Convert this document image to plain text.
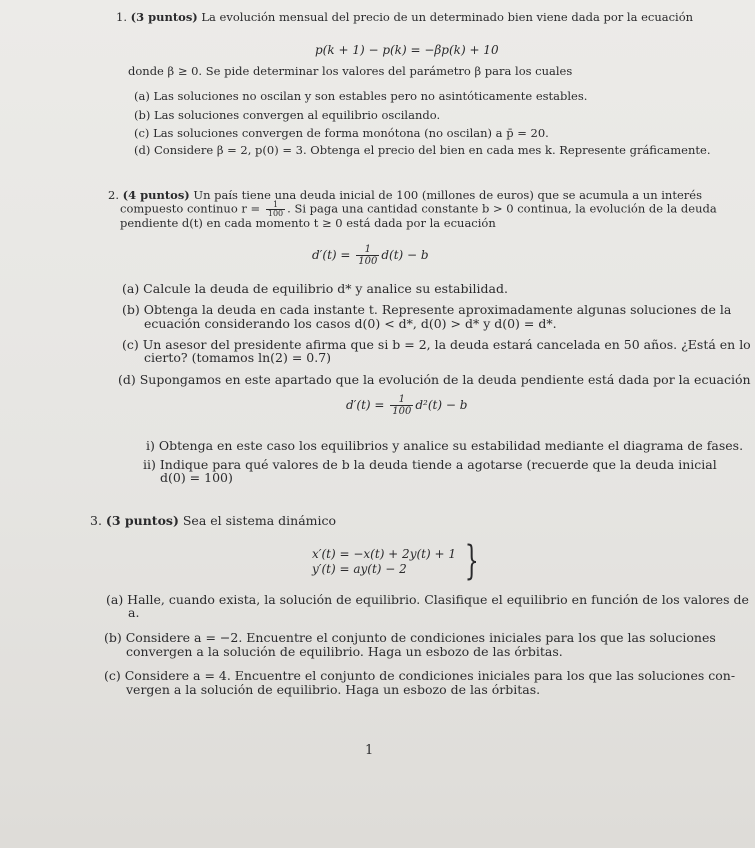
1. (3 puntos) La evolución mensual del precio de un determinado bien viene dada por la ecuación
p(k + 1) − p(k) = −βp(k) + 10
donde β ≥ 0. Se pide determinar los valores del parámetro β para los cuales
(a) Las soluciones no oscilan y son estables pero no asintóticamente estables.
(b) Las soluciones convergen al equilibrio oscilando.
(c) Las soluciones convergen de forma monótona (no oscilan) a p̄ = 20.
(d) Considere β = 2, p(0) = 3. Obtenga el precio del bien en cada mes k. Represente gráficamente.
2. (4 puntos) Un país tiene una deuda inicial de 100 (millones de euros) que se acumula a un interés
compuesto continuo $r = \frac{1}{100}$ . Si paga una cantidad constante b > 0 continua, la evolución de la deuda
pendiente d(t) en cada momento t ≥ 0 está dada por la ecuación
$d'(t) = \frac{1}{100} d(t) - b$
(a) Calcule la deuda de equilibrio d* y analice su estabilidad.
(b) Obtenga la deuda en cada instante t. Represente aproximadamente algunas soluciones de la
ecuación considerando los casos d(0) < d*, d(0) > d* y d(0) = d*.
(c) Un asesor del presidente afirma que si b = 2, la deuda estará cancelada en 50 años. ¿Está en lo
cierto? (tomamos ln(2) = 0.7)
(d) Supongamos en este apartado que la evolución de la deuda pendiente está dada por la ecuación
$d'(t) = \frac{1}{100} d^2(t) - b$
i) Obtenga en este caso los equilibrios y analice su estabilidad mediante el diagrama de fases.
ii) Indique para qué valores de b la deuda tiende a agotarse (recuerde que la deuda inicial
d(0) = 100)
3. (3 puntos) Sea el sistema dinámico
x′(t) = −x(t) + 2y(t) + 1
y′(t) = ay(t) − 2 }
(a) Halle, cuando exista, la solución de equilibrio. Clasifique el equilibrio en función de los valores de
a.
(b) Considere a = −2. Encuentre el conjunto de condiciones iniciales para los que las soluciones
convergen a la solución de equilibrio. Haga un esbozo de las órbitas.
(c) Considere a = 4. Encuentre el conjunto de condiciones iniciales para los que las soluciones con-
vergen a la solución de equilibrio. Haga un esbozo de las órbitas.
1
